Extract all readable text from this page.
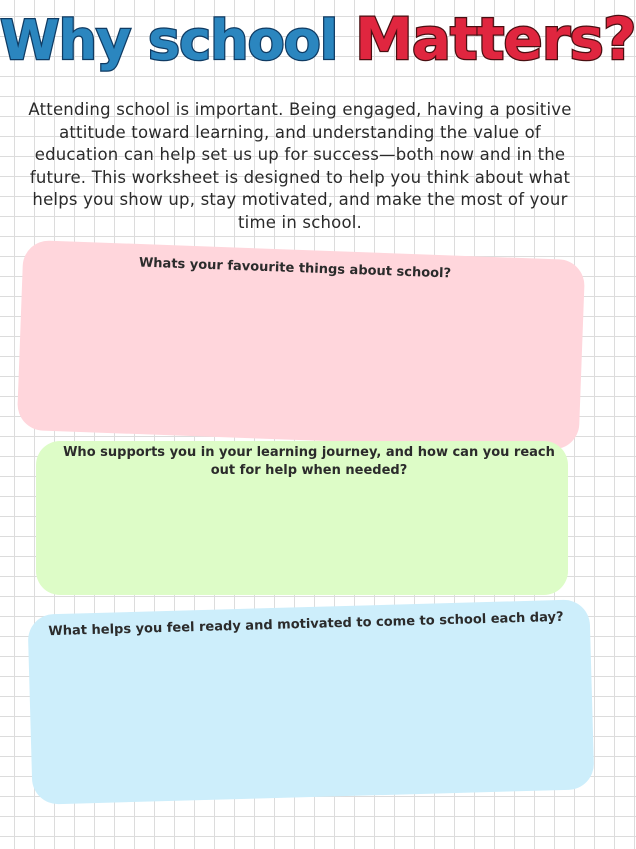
Why school Matters?
Attending school is important. Being engaged, having a positive attitude toward learning, and understanding the value of education can help set us up for success—both now and in the future. This worksheet is designed to help you think about what helps you show up, stay motivated, and make the most of your time in school.
Whats your favourite things about school?
Who supports you in your learning journey, and how can you reach out for help when needed?
What helps you feel ready and motivated to come to school each day?
